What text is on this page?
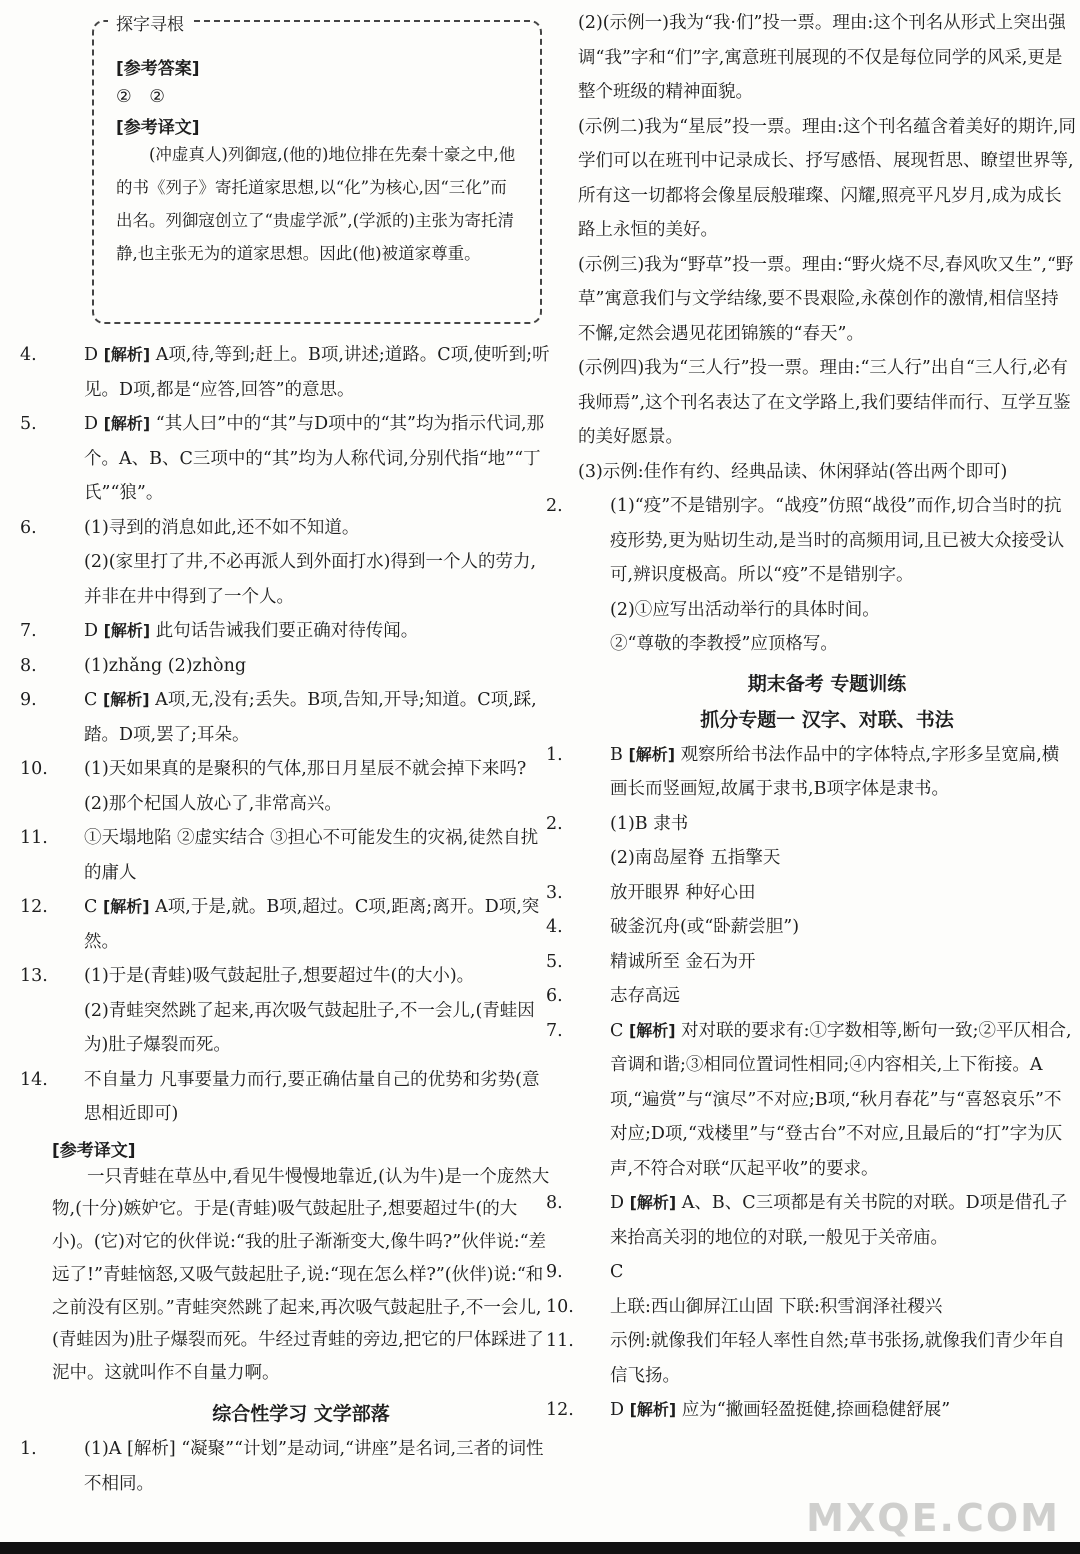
探字寻根
[参考答案]
② ②
[参考译文]
(冲虚真人)列御寇,(他的)地位排在先秦十豪之中,他的书《列子》寄托道家思想,以“化”为核心,因“三化”而出名。列御寇创立了“贵虚学派”,(学派的)主张为寄托清静,也主张无为的道家思想。因此(他)被道家尊重。
4.	D [解析] A项,待,等到;赶上。B项,讲述;道路。C项,使听到;听见。D项,都是“应答,回答”的意思。
5.	D [解析] “其人曰”中的“其”与D项中的“其”均为指示代词,那个。A、B、C三项中的“其”均为人称代词,分别代指“地”“丁氏”“狼”。
6.	(1)寻到的消息如此,还不如不知道。
(2)(家里打了井,不必再派人到外面打水)得到一个人的劳力,并非在井中得到了一个人。
7.	D [解析] 此句话告诫我们要正确对待传闻。
8.	(1)zhǎng (2)zhòng
9.	C [解析] A项,无,没有;丢失。B项,告知,开导;知道。C项,踩,踏。D项,罢了;耳朵。
10. (1)天如果真的是聚积的气体,那日月星辰不就会掉下来吗?
(2)那个杞国人放心了,非常高兴。
11. ①天塌地陷 ②虚实结合 ③担心不可能发生的灾祸,徒然自扰的庸人
12. C [解析] A项,于是,就。B项,超过。C项,距离;离开。D项,突然。
13. (1)于是(青蛙)吸气鼓起肚子,想要超过牛(的大小)。
(2)青蛙突然跳了起来,再次吸气鼓起肚子,不一会儿,(青蛙因为)肚子爆裂而死。
14. 不自量力 凡事要量力而行,要正确估量自己的优势和劣势(意思相近即可)
[参考译文]
一只青蛙在草丛中,看见牛慢慢地靠近,(认为牛)是一个庞然大物,(十分)嫉妒它。于是(青蛙)吸气鼓起肚子,想要超过牛(的大小)。(它)对它的伙伴说:“我的肚子渐渐变大,像牛吗?”伙伴说:“差远了!”青蛙恼怒,又吸气鼓起肚子,说:“现在怎么样?”(伙伴)说:“和之前没有区别。”青蛙突然跳了起来,再次吸气鼓起肚子,不一会儿,(青蛙因为)肚子爆裂而死。牛经过青蛙的旁边,把它的尸体踩进了泥中。这就叫作不自量力啊。
综合性学习 文学部落
1.	(1)A [解析] “凝聚”“计划”是动词,“讲座”是名词,三者的词性不相同。
(2)(示例一)我为“我·们”投一票。理由:这个刊名从形式上突出强调“我”字和“们”字,寓意班刊展现的不仅是每位同学的风采,更是整个班级的精神面貌。
(示例二)我为“星辰”投一票。理由:这个刊名蕴含着美好的期许,同学们可以在班刊中记录成长、抒写感悟、展现哲思、瞭望世界等,所有这一切都将会像星辰般璀璨、闪耀,照亮平凡岁月,成为成长路上永恒的美好。
(示例三)我为“野草”投一票。理由:“野火烧不尽,春风吹又生”,“野草”寓意我们与文学结缘,要不畏艰险,永葆创作的激情,相信坚持不懈,定然会遇见花团锦簇的“春天”。
(示例四)我为“三人行”投一票。理由:“三人行”出自“三人行,必有我师焉”,这个刊名表达了在文学路上,我们要结伴而行、互学互鉴的美好愿景。
(3)示例:佳作有约、经典品读、休闲驿站(答出两个即可)
2.	(1)“疫”不是错别字。“战疫”仿照“战役”而作,切合当时的抗疫形势,更为贴切生动,是当时的高频用词,且已被大众接受认可,辨识度极高。所以“疫”不是错别字。
(2)①应写出活动举行的具体时间。
②“尊敬的李教授”应顶格写。
期末备考 专题训练
抓分专题一 汉字、对联、书法
1.	B [解析] 观察所给书法作品中的字体特点,字形多呈宽扁,横画长而竖画短,故属于隶书,B项字体是隶书。
2.	(1)B 隶书
(2)南岛屋脊 五指擎天
3.	放开眼界 种好心田
4.	破釜沉舟(或“卧薪尝胆”)
5.	精诚所至 金石为开
6.	志存高远
7.	C [解析] 对对联的要求有:①字数相等,断句一致;②平仄相合,音调和谐;③相同位置词性相同;④内容相关,上下衔接。A项,“遍赏”与“演尽”不对应;B项,“秋月春花”与“喜怒哀乐”不对应;D项,“戏楼里”与“登古台”不对应,且最后的“打”字为仄声,不符合对联“仄起平收”的要求。
8.	D [解析] A、B、C三项都是有关书院的对联。D项是借孔子来抬高关羽的地位的对联,一般见于关帝庙。
9.	C
10. 上联:西山御屏江山固 下联:积雪润泽社稷兴
11. 示例:就像我们年轻人率性自然;草书张扬,就像我们青少年自信飞扬。
12. D [解析] 应为“撇画轻盈挺健,捺画稳健舒展”
MXQE.COM
